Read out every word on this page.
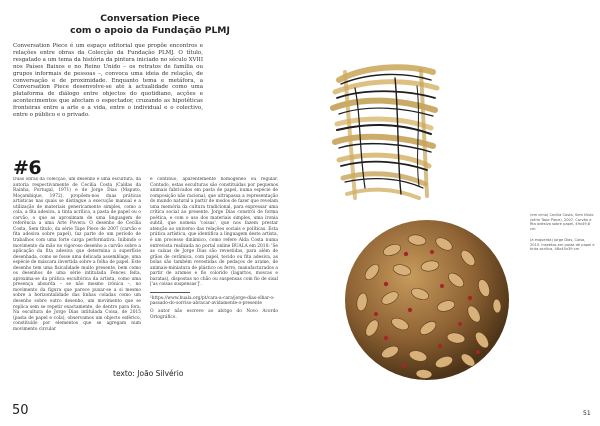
Conversation Piece
com o apoio da Fundação PLMJ
Conversation Piece é um espaço editorial que propõe encontros e relações entre obras da Colecção da Fundação PLMJ. O título, resgatado a um tema da história da pintura iniciado no século XVIII nos Países Baixos e no Reino Unido – os retratos de família ou grupos informais de pessoas –, convoca uma ideia de relação, de conversação e de proximidade. Enquanto tema e metáfora, a Conversation Piece desenvolve-se até à actualidade como uma plataforma de diálogo entre objectos do quotidiano, acções e acontecimentos que afectam o espectador, cruzando as hipotéticas fronteiras entre a arte e a vida, entre o individual e o colectivo, entre o público e o privado.
#6
Duas obras da colecção, um desenho e uma escultura, da autoria respectivamente de Cecília Costa (Caldas da Rainha, Portugal, 1971) e de Jorge Dias (Maputo, Moçambique, 1972), propõem-nos duas práticas artísticas nas quais se distingue a execução manual e a utilização de materiais genericamente simples, como a cola, a fita adesiva, a tinta acrílica, a pasta de papel ou o carvão, o que as aproximam de uma linguagem de referência a uma Arte Povera. O desenho de Cecília Costa, Sem título, da série Tape Piece de 2007 (carvão e fita adesiva sobre papel), faz parte de um período de trabalhos com uma forte carga performativa. Inibindo o movimento da mão no vigoroso desenho a carvão sobre a aplicação da fita adesiva que determina a superfície desenhada, como se fosse uma delicada assemblage, uma espécie de máscara invertida sobre a folha de papel. Este desenho tem uma fisicalidade muito presente, bem como os desenhos de uma série intitulada Fences feita, aproxima-se da prática escultórica da artista, como uma presença absurda – se não mesmo irónica –, no movimento da figura que parece puxar-se a si mesmo sobre a horizontalidade das linhas coladas como um desenho sobre outro desenho, um movimento que se replica sem se repetir exactamente, de dentro para fora. Na escultura de Jorge Dias intitulada Coisa, de 2015 (pasta de papel e cola), observamos um objecto esférico, constituído por elementos que se agregam num movimento circular
e contínuo, aparentemente homogéneo ou regular. Contudo, estas esculturas são constituídas por pequenos animais fabricados em pasta de papel, numa espécie de composição não racional, que ultrapassa a representação do mundo natural a partir de modos de fazer que revelam uma memória da cultura tradicional, para expressar uma crítica social ao presente. Jorge Dias constrói de forma poética, e com o uso dos materiais simples, uma ironia subtil, que nomeia 'coisas', que nos fazem prestar atenção ao universo das relações sociais e políticas. Esta prática artística, que identifica a linguagem deste artista, é um processo dinâmico, como refere Alda Costa numa entrevista realizada no portal online BUALA em 2010: 'Se as caixas de Jorge Dias são revestidas, para além de grãos de cerâmica, com papel, tecido ou fita adesiva, as bolas são também revestidas de pedaços de arame, de animais-miniatura de plástico ou ferro, manufacturados a partir de arames e fio colorido (lagartos, moscas e baratas), dispostas no chão ou suspensas com fio de sisal ['as coisas suspensas']'.
¹https://www.buala.org/pt/cara-a-cara/jorge-dias-olhar-o-passado-do-sorriso-abracar-avidamente-o-presente
O autor não escreve ao abrigo do Novo Acordo Ortográfico.
texto: João Silvério
50
(em cima) Cecília Costa, Sem título (série Tape Piece), 2007. Carvão e fita adesiva sobre papel, 49x49,8 cm
(à esquerda) Jorge Dias, Coisa, 2015. Inseetos em pasta de papel e tinta acrílica, 48x45x39 cm
51
